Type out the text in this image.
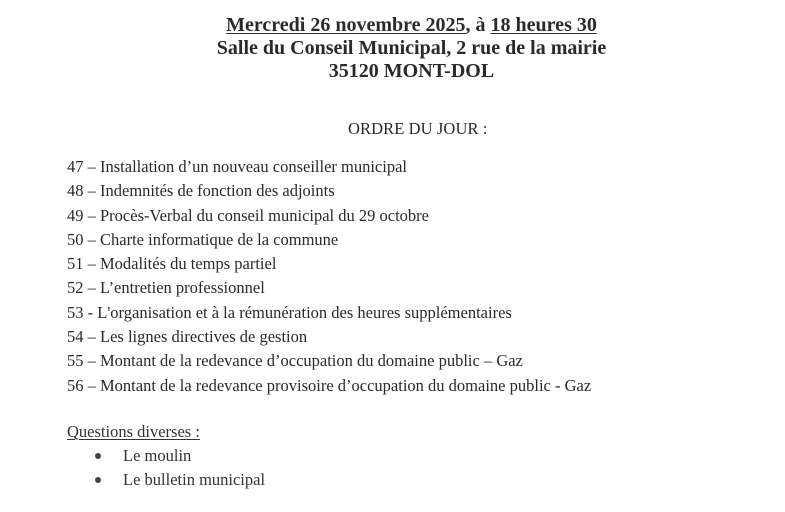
Mercredi 26 novembre 2025, à 18 heures 30
Salle du Conseil Municipal, 2 rue de la mairie
35120 MONT-DOL
ORDRE DU JOUR :
47 – Installation d’un nouveau conseiller municipal
48 – Indemnités de fonction des adjoints
49 – Procès-Verbal du conseil municipal du 29 octobre
50 – Charte informatique de la commune
51 – Modalités du temps partiel
52 – L’entretien professionnel
53 - L'organisation et à la rémunération des heures supplémentaires
54 – Les lignes directives de gestion
55 – Montant de la redevance d’occupation du domaine public – Gaz
56 – Montant de la redevance provisoire d’occupation du domaine public - Gaz
Questions diverses :
Le moulin
Le bulletin municipal
